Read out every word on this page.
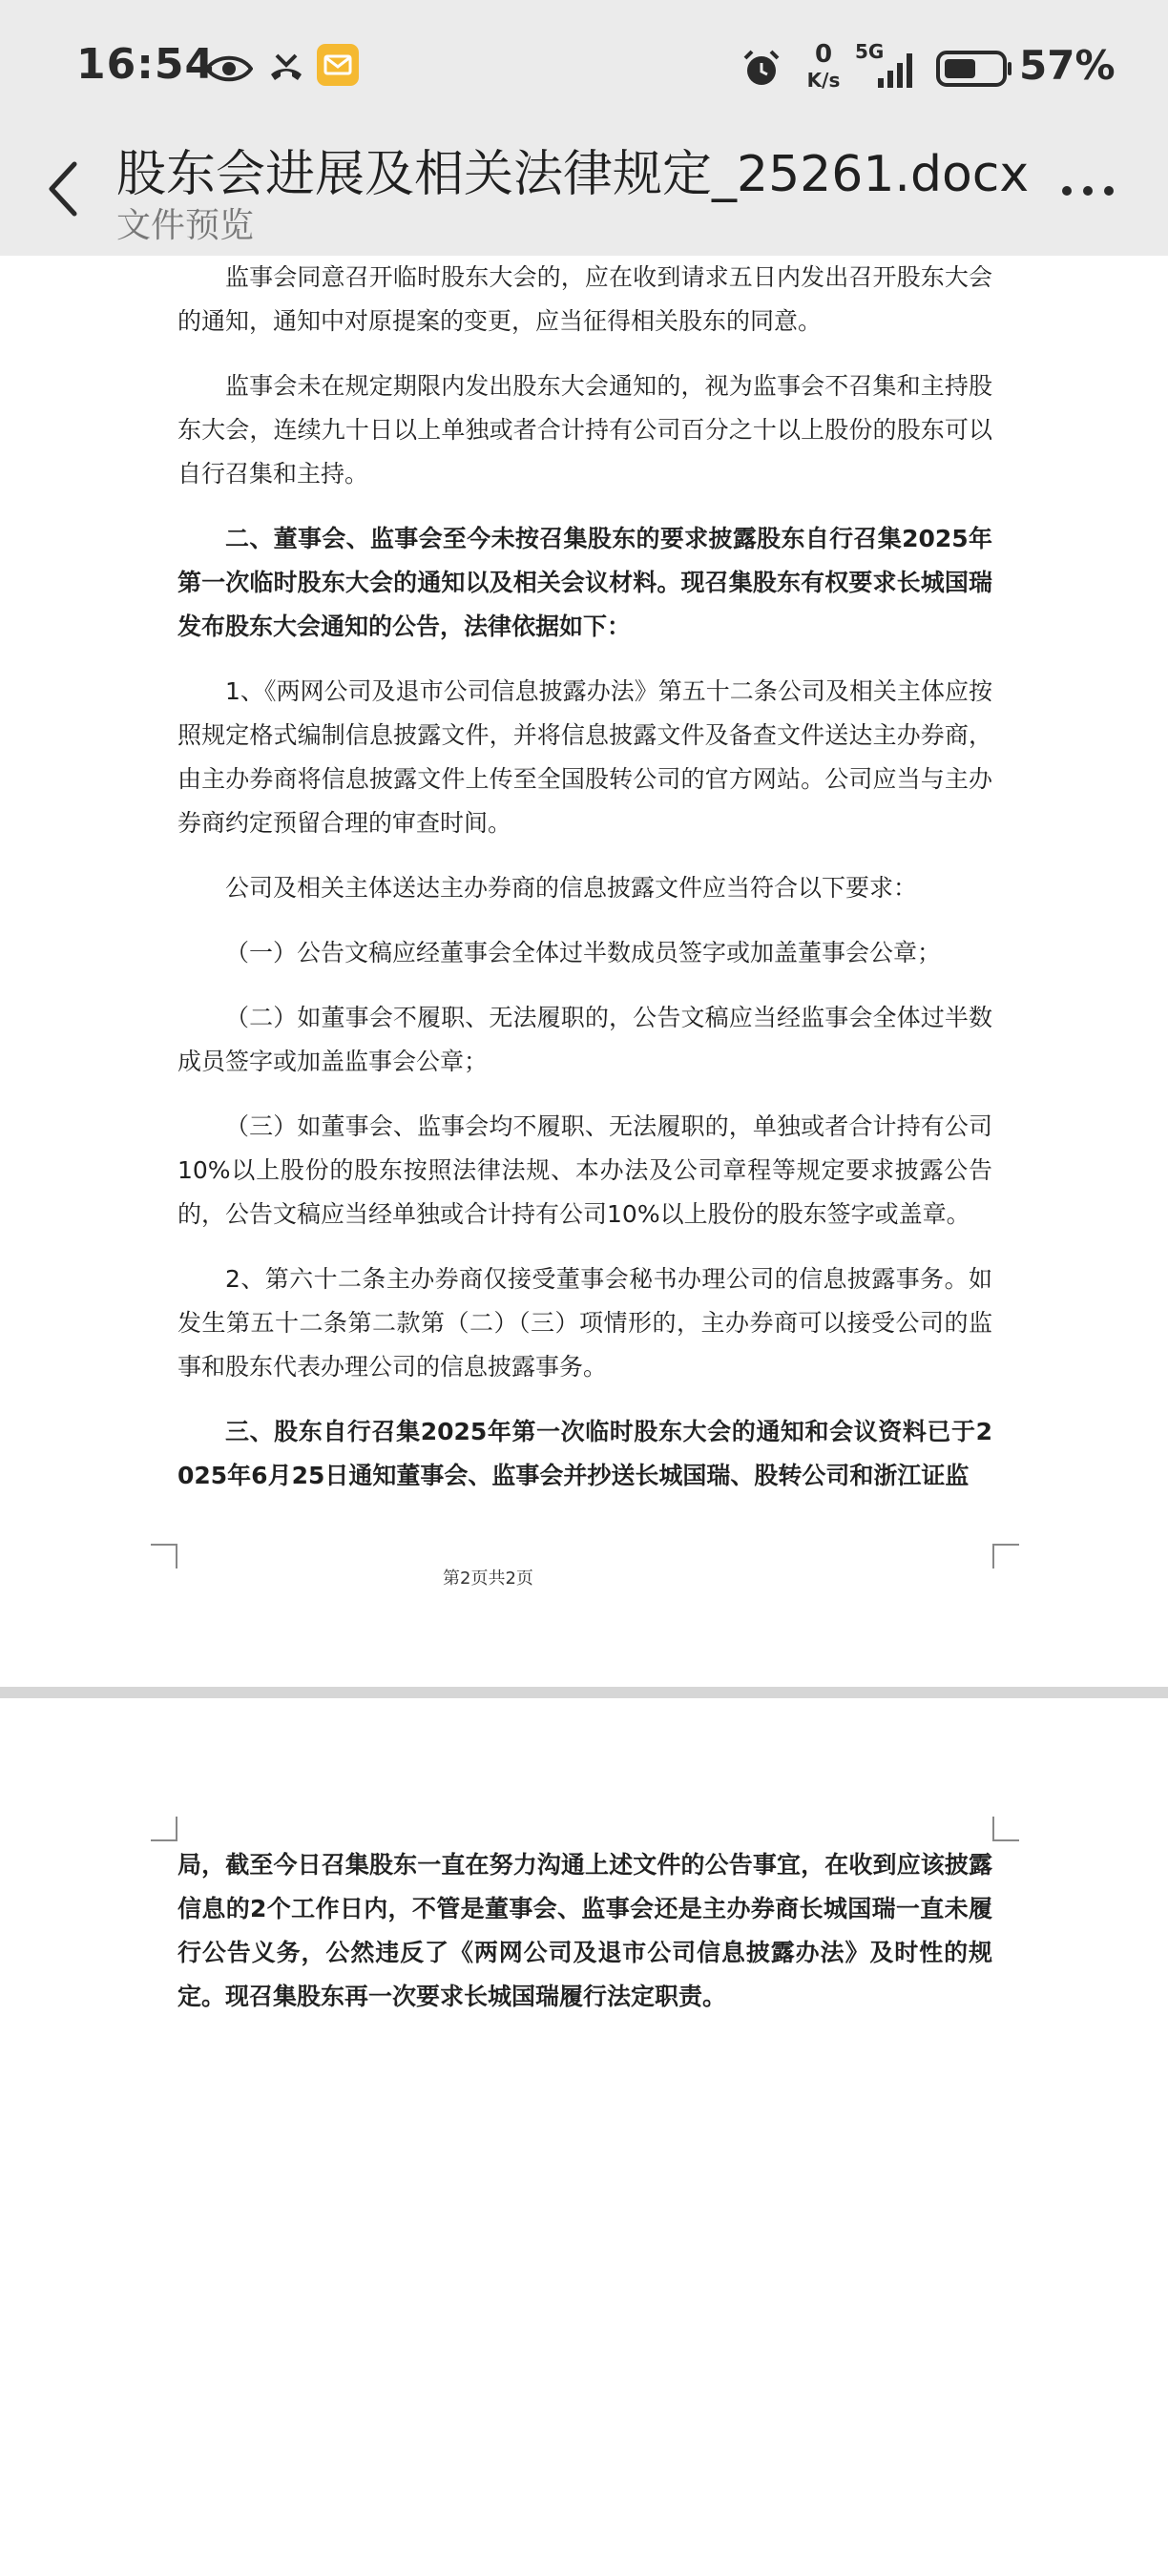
16:54	0
K/s
5G	57%
股东会进展及相关法律规定_25261.docx
文件预览

监事会同意召开临时股东大会的，应在收到请求五日内发出召开股东大会的通知，通知中对原提案的变更，应当征得相关股东的同意。

监事会未在规定期限内发出股东大会通知的，视为监事会不召集和主持股东大会，连续九十日以上单独或者合计持有公司百分之十以上股份的股东可以自行召集和主持。

二、董事会、监事会至今未按召集股东的要求披露股东自行召集2025年第一次临时股东大会的通知以及相关会议材料。现召集股东有权要求长城国瑞发布股东大会通知的公告，法律依据如下：

1、《两网公司及退市公司信息披露办法》第五十二条公司及相关主体应按照规定格式编制信息披露文件，并将信息披露文件及备查文件送达主办券商，由主办券商将信息披露文件上传至全国股转公司的官方网站。公司应当与主办券商约定预留合理的审查时间。

公司及相关主体送达主办券商的信息披露文件应当符合以下要求：

（一）公告文稿应经董事会全体过半数成员签字或加盖董事会公章；

（二）如董事会不履职、无法履职的，公告文稿应当经监事会全体过半数成员签字或加盖监事会公章；

（三）如董事会、监事会均不履职、无法履职的，单独或者合计持有公司10%以上股份的股东按照法律法规、本办法及公司章程等规定要求披露公告的，公告文稿应当经单独或合计持有公司10%以上股份的股东签字或盖章。

2、第六十二条主办券商仅接受董事会秘书办理公司的信息披露事务。如发生第五十二条第二款第（二）（三）项情形的，主办券商可以接受公司的监事和股东代表办理公司的信息披露事务。

三、股东自行召集2025年第一次临时股东大会的通知和会议资料已于2025年6月25日通知董事会、监事会并抄送长城国瑞、股转公司和浙江证监

第2页共2页

局，截至今日召集股东一直在努力沟通上述文件的公告事宜，在收到应该披露信息的2个工作日内，不管是董事会、监事会还是主办券商长城国瑞一直未履行公告义务，公然违反了《两网公司及退市公司信息披露办法》及时性的规定。现召集股东再一次要求长城国瑞履行法定职责。
